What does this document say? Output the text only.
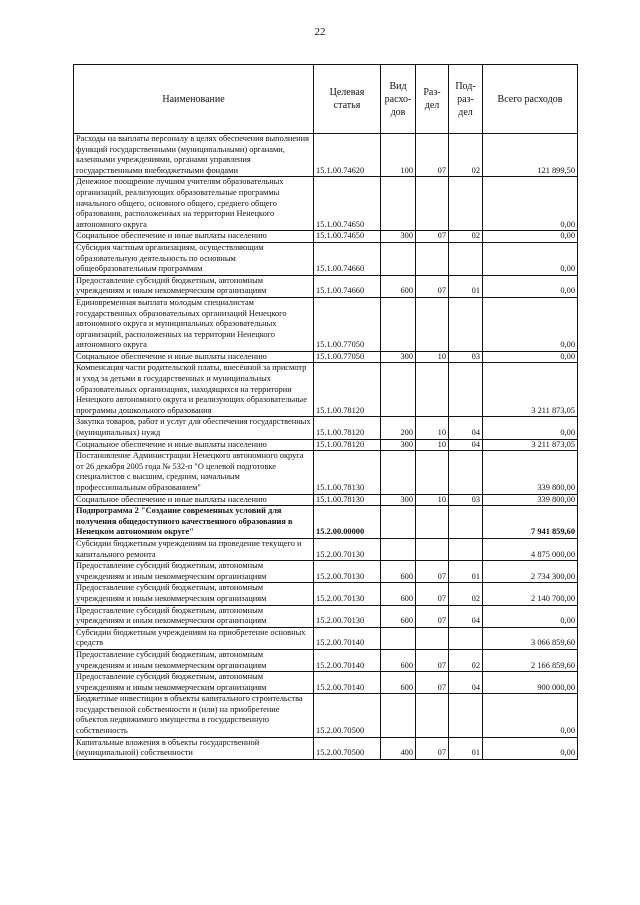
22
Наименование	Целевая статья	Вид расхо-дов	Раз-дел	Под-раз-дел	Всего расходов
Расходы на выплаты персоналу в целях обеспечения выполнения функций государственными (муниципальными) органами, казенными учреждениями, органами управления государственными внебюджетными фондами	15.1.00.74620	100	07	02	121 899,50
Денежное поощрение лучшим учителям образовательных организаций, реализующих образовательные программы начального общего, основного общего, среднего общего образования, расположенных на территории Ненецкого автономного округа	15.1.00.74650				0,00
Социальное обеспечение и иные выплаты населению	15.1.00.74650	300	07	02	0,00
Субсидия частным организациям, осуществляющим образовательную деятельность по основным общеобразовательным программам	15.1.00.74660				0,00
Предоставление субсидий бюджетным, автономным учреждениям и иным некоммерческим организациям	15.1.00.74660	600	07	01	0,00
Единовременная выплата молодым специалистам государственных образовательных организаций Ненецкого автономного округа и муниципальных образовательных организаций, расположенных на территории Ненецкого автономного округа	15.1.00.77050				0,00
Социальное обеспечение и иные выплаты населению	15.1.00.77050	300	10	03	0,00
Компенсация части родительской платы, внесённой за присмотр и уход за детьми в государственных и муниципальных образовательных организациях, находящихся на территории Ненецкого автономного округа и реализующих образовательные программы дошкольного образования	15.1.00.78120				3 211 873,05
Закупка товаров, работ и услуг для обеспечения государственных (муниципальных) нужд	15.1.00.78120	200	10	04	0,00
Социальное обеспечение и иные выплаты населению	15.1.00.78120	300	10	04	3 211 873,05
Постановление Администрации Ненецкого автономного округа от 26 декабря 2005 года № 532-п "О целевой подготовке специалистов с высшим, средним, начальным профессиональным образованием"	15.1.00.78130				339 800,00
Социальное обеспечение и иные выплаты населению	15.1.00.78130	300	10	03	339 800,00
Подпрограмма 2 "Создание современных условий для получения общедоступного качественного образования в Ненецком автономном округе"	15.2.00.00000				7 941 859,60
Субсидии бюджетным учреждениям на проведение текущего и капитального ремонта	15.2.00.70130				4 875 000,00
Предоставление субсидий бюджетным, автономным учреждениям и иным некоммерческим организациям	15.2.00.70130	600	07	01	2 734 300,00
Предоставление субсидий бюджетным, автономным учреждениям и иным некоммерческим организациям	15.2.00.70130	600	07	02	2 140 700,00
Предоставление субсидий бюджетным, автономным учреждениям и иным некоммерческим организациям	15.2.00.70130	600	07	04	0,00
Субсидии бюджетным учреждениям на приобретение основных средств	15.2.00.70140				3 066 859,60
Предоставление субсидий бюджетным, автономным учреждениям и иным некоммерческим организациям	15.2.00.70140	600	07	02	2 166 859,60
Предоставление субсидий бюджетным, автономным учреждениям и иным некоммерческим организациям	15.2.00.70140	600	07	04	900 000,00
Бюджетные инвестиции в объекты капитального строительства государственной собственности и (или) на приобретение объектов недвижимого имущества в государственную собственность	15.2.00.70500				0,00
Капитальные вложения в объекты государственной (муниципальной) собственности	15.2.00.70500	400	07	01	0,00
